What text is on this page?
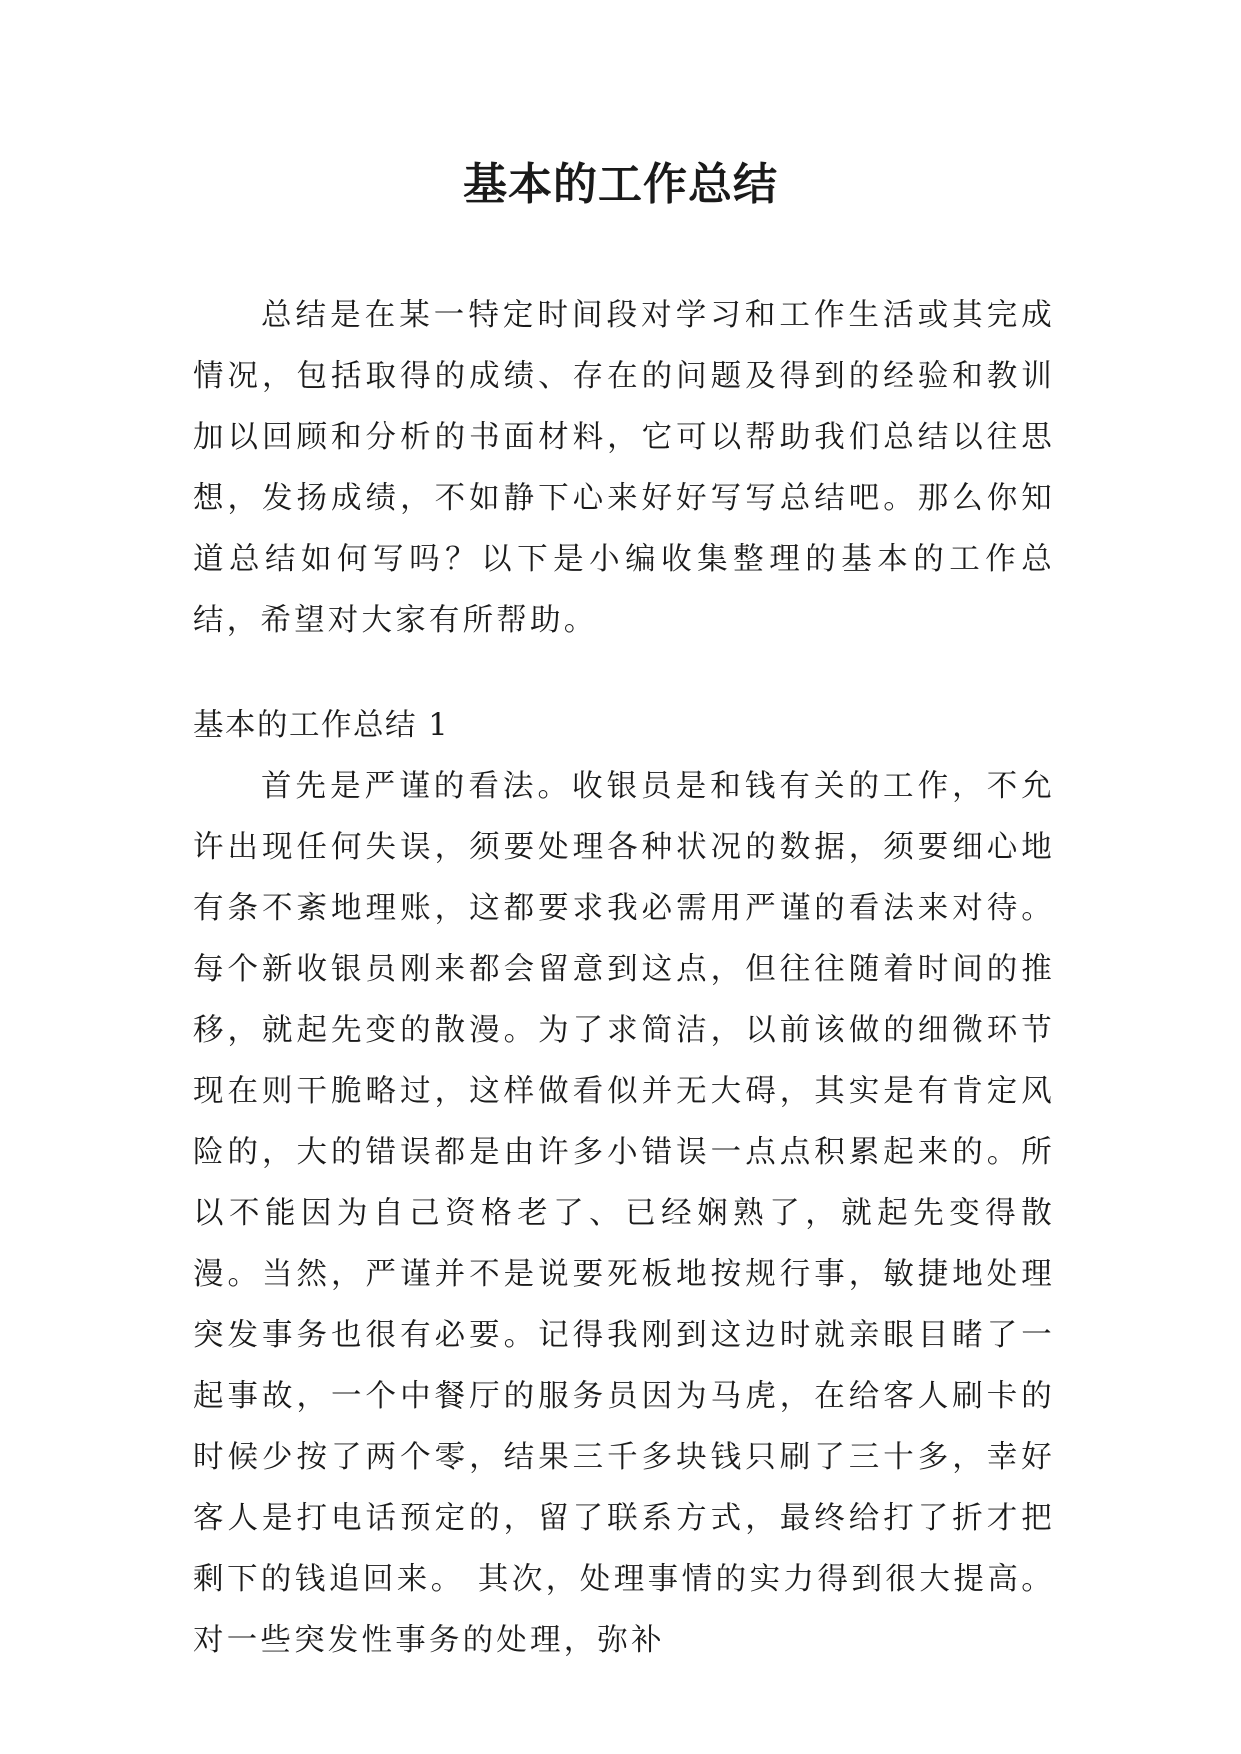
基本的工作总结

总结是在某一特定时间段对学习和工作生活或其完成情况，包括取得的成绩、存在的问题及得到的经验和教训加以回顾和分析的书面材料，它可以帮助我们总结以往思想，发扬成绩，不如静下心来好好写写总结吧。那么你知道总结如何写吗？以下是小编收集整理的基本的工作总结，希望对大家有所帮助。

基本的工作总结 1

首先是严谨的看法。收银员是和钱有关的工作，不允许出现任何失误，须要处理各种状况的数据，须要细心地有条不紊地理账，这都要求我必需用严谨的看法来对待。每个新收银员刚来都会留意到这点，但往往随着时间的推移，就起先变的散漫。为了求简洁，以前该做的细微环节现在则干脆略过，这样做看似并无大碍，其实是有肯定风险的，大的错误都是由许多小错误一点点积累起来的。所以不能因为自己资格老了、已经娴熟了，就起先变得散漫。当然，严谨并不是说要死板地按规行事，敏捷地处理突发事务也很有必要。记得我刚到这边时就亲眼目睹了一起事故，一个中餐厅的服务员因为马虎，在给客人刷卡的时候少按了两个零，结果三千多块钱只刷了三十多，幸好客人是打电话预定的，留了联系方式，最终给打了折才把剩下的钱追回来。 其次，处理事情的实力得到很大提高。对一些突发性事务的处理，弥补
